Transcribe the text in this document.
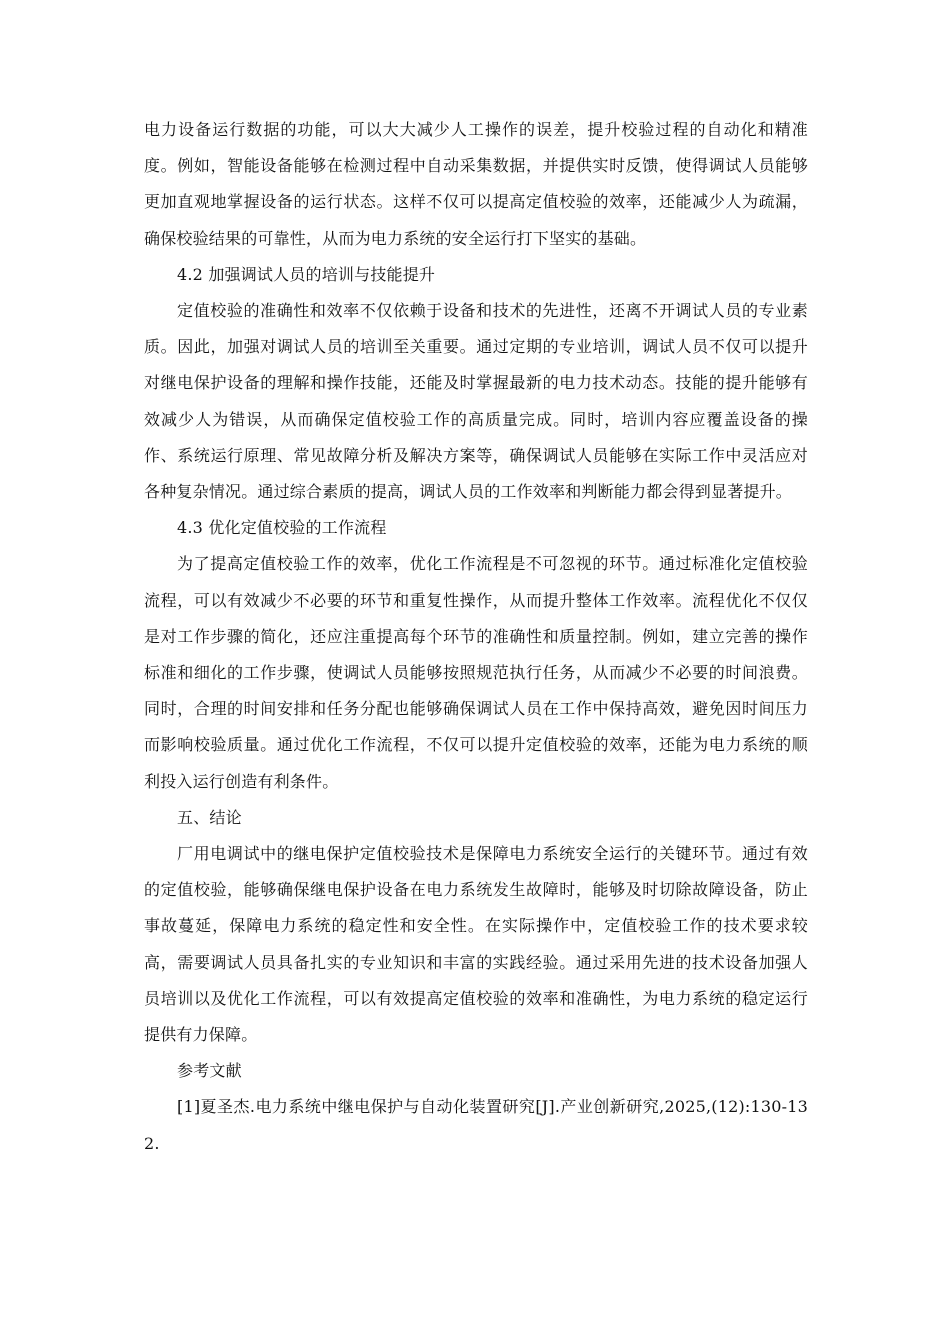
电力设备运行数据的功能，可以大大减少人工操作的误差，提升校验过程的自动化和精准度。例如，智能设备能够在检测过程中自动采集数据，并提供实时反馈，使得调试人员能够更加直观地掌握设备的运行状态。这样不仅可以提高定值校验的效率，还能减少人为疏漏，确保校验结果的可靠性，从而为电力系统的安全运行打下坚实的基础。

4.2 加强调试人员的培训与技能提升

定值校验的准确性和效率不仅依赖于设备和技术的先进性，还离不开调试人员的专业素质。因此，加强对调试人员的培训至关重要。通过定期的专业培训，调试人员不仅可以提升对继电保护设备的理解和操作技能，还能及时掌握最新的电力技术动态。技能的提升能够有效减少人为错误，从而确保定值校验工作的高质量完成。同时，培训内容应覆盖设备的操作、系统运行原理、常见故障分析及解决方案等，确保调试人员能够在实际工作中灵活应对各种复杂情况。通过综合素质的提高，调试人员的工作效率和判断能力都会得到显著提升。

4.3 优化定值校验的工作流程

为了提高定值校验工作的效率，优化工作流程是不可忽视的环节。通过标准化定值校验流程，可以有效减少不必要的环节和重复性操作，从而提升整体工作效率。流程优化不仅仅是对工作步骤的简化，还应注重提高每个环节的准确性和质量控制。例如，建立完善的操作标准和细化的工作步骤，使调试人员能够按照规范执行任务，从而减少不必要的时间浪费。同时，合理的时间安排和任务分配也能够确保调试人员在工作中保持高效，避免因时间压力而影响校验质量。通过优化工作流程，不仅可以提升定值校验的效率，还能为电力系统的顺利投入运行创造有利条件。

五、结论

厂用电调试中的继电保护定值校验技术是保障电力系统安全运行的关键环节。通过有效的定值校验，能够确保继电保护设备在电力系统发生故障时，能够及时切除故障设备，防止事故蔓延，保障电力系统的稳定性和安全性。在实际操作中，定值校验工作的技术要求较高，需要调试人员具备扎实的专业知识和丰富的实践经验。通过采用先进的技术设备加强人员培训以及优化工作流程，可以有效提高定值校验的效率和准确性，为电力系统的稳定运行提供有力保障。

参考文献

[1]夏圣杰.电力系统中继电保护与自动化装置研究[J].产业创新研究,2025,(12):130-132.
